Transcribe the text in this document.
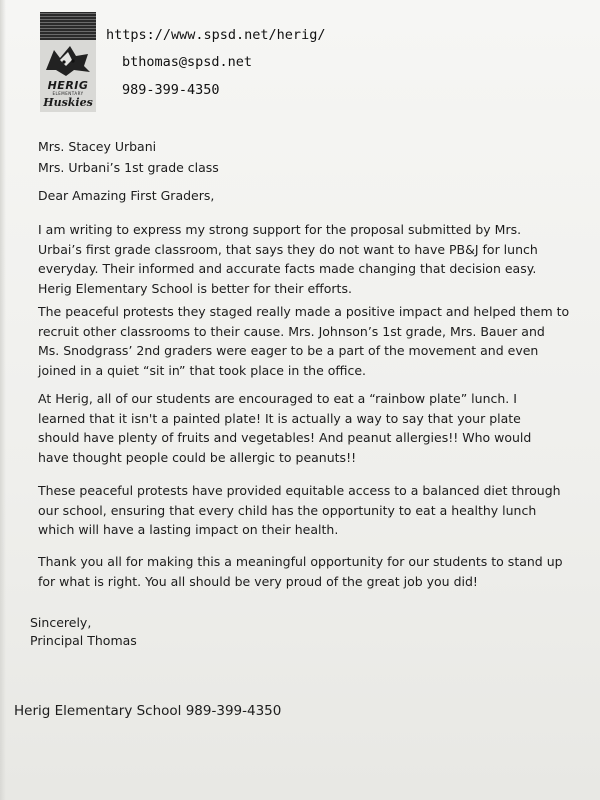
HERIG
ELEMENTARY
Huskies
https://www.spsd.net/herig/
bthomas@spsd.net
989-399-4350
Mrs. Stacey Urbani
Mrs. Urbani’s 1st grade class
Dear Amazing First Graders,
I am writing to express my strong support for the proposal submitted by Mrs.
Urbai’s first grade classroom, that says they do not want to have PB&J for lunch
everyday. Their informed and accurate facts made changing that decision easy.
Herig Elementary School is better for their efforts.
The peaceful protests they staged really made a positive impact and helped them to
recruit other classrooms to their cause. Mrs. Johnson’s 1st grade, Mrs. Bauer and
Ms. Snodgrass’ 2nd graders were eager to be a part of the movement and even
joined in a quiet “sit in” that took place in the office.
At Herig, all of our students are encouraged to eat a “rainbow plate” lunch. I
learned that it isn't a painted plate! It is actually a way to say that your plate
should have plenty of fruits and vegetables! And peanut allergies!! Who would
have thought people could be allergic to peanuts!!
These peaceful protests have provided equitable access to a balanced diet through
our school, ensuring that every child has the opportunity to eat a healthy lunch
which will have a lasting impact on their health.
Thank you all for making this a meaningful opportunity for our students to stand up
for what is right. You all should be very proud of the great job you did!
Sincerely,
Principal Thomas
Herig Elementary School 989-399-4350
